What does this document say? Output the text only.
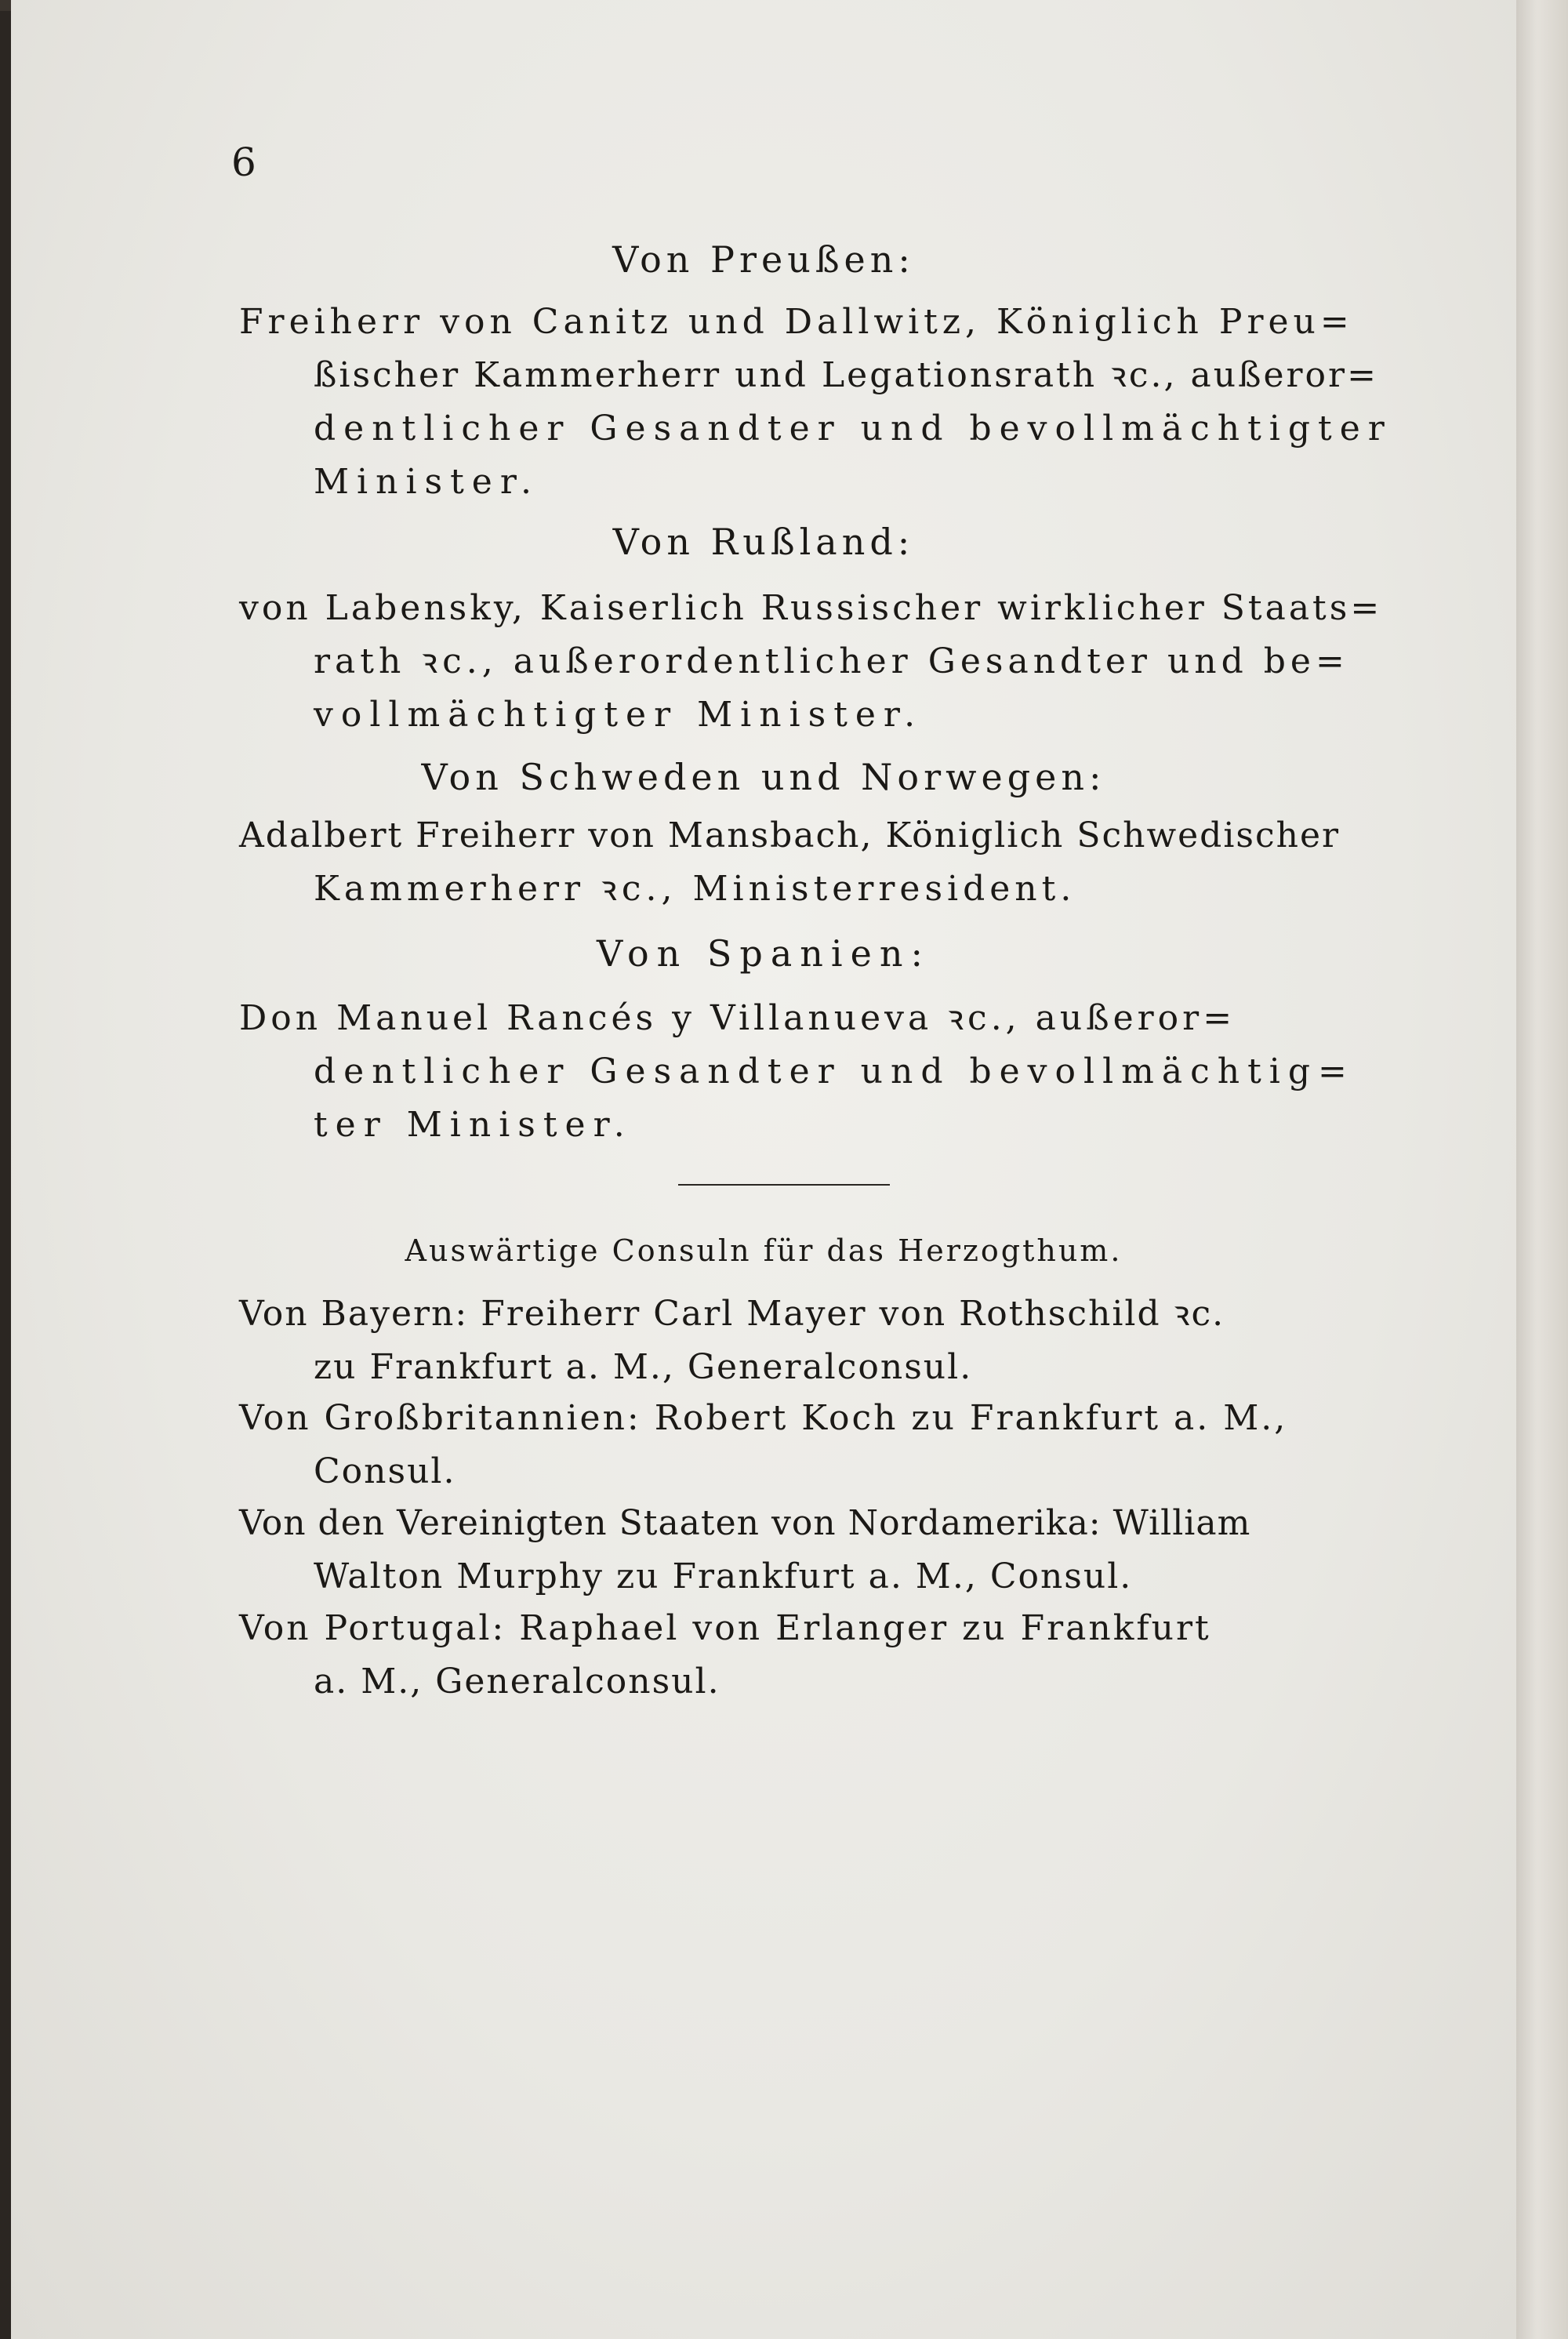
6
Von Preußen:
Freiherr von Canitz und Dallwitz, Königlich Preu=
ßischer Kammerherr und Legationsrath ꝛc., außeror=
dentlicher Gesandter und bevollmächtigter
Minister.
Von Rußland:
von Labensky, Kaiserlich Russischer wirklicher Staats=
rath ꝛc., außerordentlicher Gesandter und be=
vollmächtigter Minister.
Von Schweden und Norwegen:
Adalbert Freiherr von Mansbach, Königlich Schwedischer
Kammerherr ꝛc., Ministerresident.
Von Spanien:
Don Manuel Rancés y Villanueva ꝛc., außeror=
dentlicher Gesandter und bevollmächtig=
ter Minister.
Auswärtige Consuln für das Herzogthum.
Von Bayern: Freiherr Carl Mayer von Rothschild ꝛc.
zu Frankfurt a. M., Generalconsul.
Von Großbritannien: Robert Koch zu Frankfurt a. M.,
Consul.
Von den Vereinigten Staaten von Nordamerika: William
Walton Murphy zu Frankfurt a. M., Consul.
Von Portugal: Raphael von Erlanger zu Frankfurt
a. M., Generalconsul.
